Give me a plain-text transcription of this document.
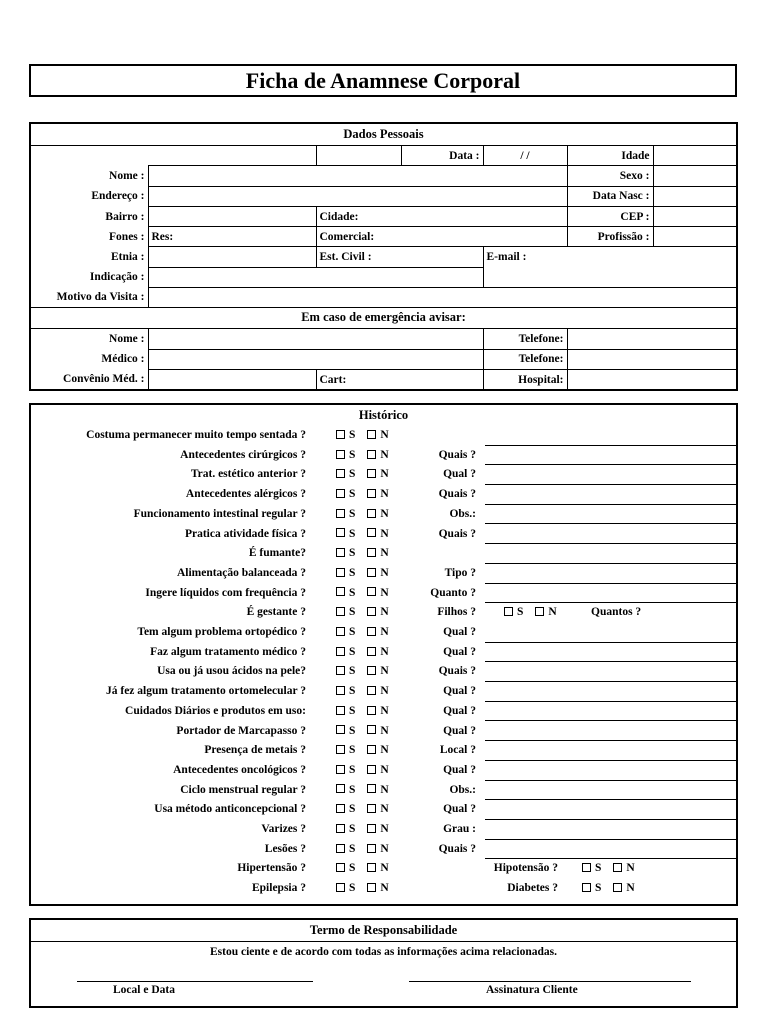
Ficha de Anamnese Corporal
Dados Pessoais
			Data :	/ /	Idade	
Nome :					Sexo :	
Endereço :					Data Nasc :	
Bairro :		Cidade:			CEP :	
Fones :	Res:	Comercial:			Profissão :	
Etnia :		Est. Civil :		E-mail :		
Indicação :						
Motivo da Visita :						
Em caso de emergência avisar:
Nome :			Telefone:	
Médico :			Telefone:	
Convênio Méd. :		Cart:	Hospital:	
Histórico
Costuma permanecer muito tempo sentada ?	S N
Antecedentes cirúrgicos ?	S N	Quais ?
Trat. estético anterior ?	S N	Qual ?
Antecedentes alérgicos ?	S N	Quais ?
Funcionamento intestinal regular ?	S N	Obs.:
Pratica atividade física ?	S N	Quais ?
É fumante?	S N
Alimentação balanceada ?	S N	Tipo ?
Ingere líquidos com frequência ?	S N	Quanto ?
É gestante ?	S N	Filhos ?	S N	Quantos ?
Tem algum problema ortopédico ?	S N	Qual ?
Faz algum tratamento médico ?	S N	Qual ?
Usa ou já usou ácidos na pele?	S N	Quais ?
Já fez algum tratamento ortomelecular ?	S N	Qual ?
Cuidados Diários e produtos em uso:	S N	Qual ?
Portador de Marcapasso ?	S N	Qual ?
Presença de metais ?	S N	Local ?
Antecedentes oncológicos ?	S N	Qual ?
Ciclo menstrual regular ?	S N	Obs.:
Usa método anticoncepcional ?	S N	Qual ?
Varizes ?	S N	Grau :
Lesões ?	S N	Quais ?
Hipertensão ?	S N	Hipotensão ?	S N
Epilepsia ?	S N	Diabetes ?	S N
Termo de Responsabilidade
Estou ciente e de acordo com todas as informações acima relacionadas.
Local e Data	Assinatura Cliente
